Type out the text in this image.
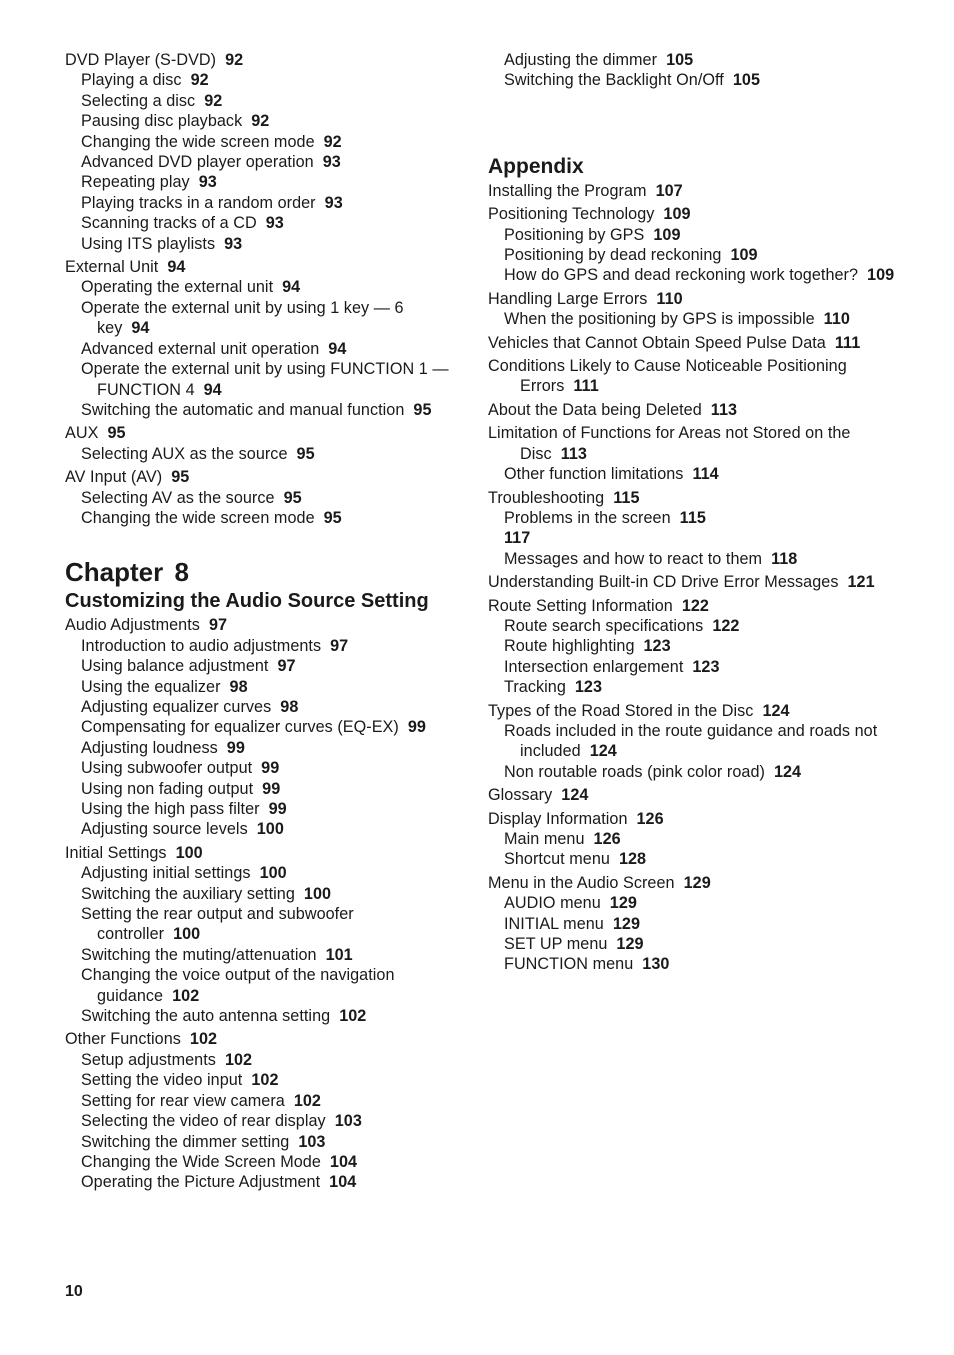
DVD Player (S-DVD) 92
Playing a disc 92
Selecting a disc 92
Pausing disc playback 92
Changing the wide screen mode 92
Advanced DVD player operation 93
Repeating play 93
Playing tracks in a random order 93
Scanning tracks of a CD 93
Using ITS playlists 93
External Unit 94
Operating the external unit 94
Operate the external unit by using 1 key — 6 key 94
Advanced external unit operation 94
Operate the external unit by using FUNCTION 1 — FUNCTION 4 94
Switching the automatic and manual function 95
AUX 95
Selecting AUX as the source 95
AV Input (AV) 95
Selecting AV as the source 95
Changing the wide screen mode 95
Chapter 8
Customizing the Audio Source Setting
Audio Adjustments 97
Introduction to audio adjustments 97
Using balance adjustment 97
Using the equalizer 98
Adjusting equalizer curves 98
Compensating for equalizer curves (EQ-EX) 99
Adjusting loudness 99
Using subwoofer output 99
Using non fading output 99
Using the high pass filter 99
Adjusting source levels 100
Initial Settings 100
Adjusting initial settings 100
Switching the auxiliary setting 100
Setting the rear output and subwoofer controller 100
Switching the muting/attenuation 101
Changing the voice output of the navigation guidance 102
Switching the auto antenna setting 102
Other Functions 102
Setup adjustments 102
Setting the video input 102
Setting for rear view camera 102
Selecting the video of rear display 103
Switching the dimmer setting 103
Changing the Wide Screen Mode 104
Operating the Picture Adjustment 104
Adjusting the dimmer 105
Switching the Backlight On/Off 105
Appendix
Installing the Program 107
Positioning Technology 109
Positioning by GPS 109
Positioning by dead reckoning 109
How do GPS and dead reckoning work together? 109
Handling Large Errors 110
When the positioning by GPS is impossible 110
Vehicles that Cannot Obtain Speed Pulse Data 111
Conditions Likely to Cause Noticeable Positioning Errors 111
About the Data being Deleted 113
Limitation of Functions for Areas not Stored on the Disc 113
Other function limitations 114
Troubleshooting 115
Problems in the screen 115
117
Messages and how to react to them 118
Understanding Built-in CD Drive Error Messages 121
Route Setting Information 122
Route search specifications 122
Route highlighting 123
Intersection enlargement 123
Tracking 123
Types of the Road Stored in the Disc 124
Roads included in the route guidance and roads not included 124
Non routable roads (pink color road) 124
Glossary 124
Display Information 126
Main menu 126
Shortcut menu 128
Menu in the Audio Screen 129
AUDIO menu 129
INITIAL menu 129
SET UP menu 129
FUNCTION menu 130
10
